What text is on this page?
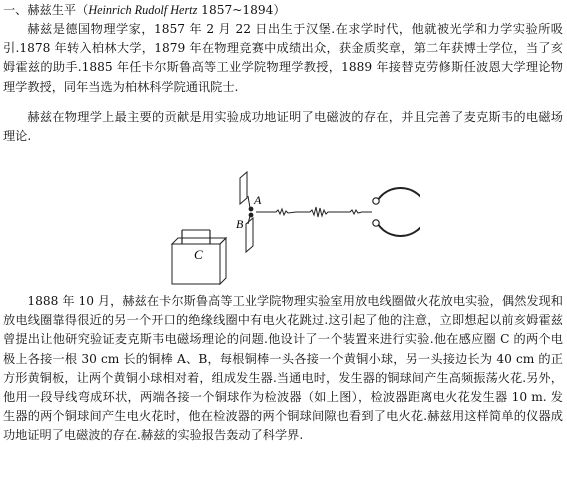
一、赫兹生平（Heinrich Rudolf Hertz 1857~1894）
赫兹是德国物理学家，1857 年 2 月 22 日出生于汉堡.在求学时代，他就被光学和力学实验所吸引.1878 年转入柏林大学，1879 年在物理竞赛中成绩出众，获金质奖章，第二年获博士学位，当了亥姆霍兹的助手.1885 年任卡尔斯鲁高等工业学院物理学教授，1889 年接替克劳修斯任波恩大学理论物理学教授，同年当选为柏林科学院通讯院士.
赫兹在物理学上最主要的贡献是用实验成功地证明了电磁波的存在，并且完善了麦克斯韦的电磁场理论.
C
A
B
1888 年 10 月，赫兹在卡尔斯鲁高等工业学院物理实验室用放电线圈做火花放电实验，偶然发现和放电线圈靠得很近的另一个开口的绝缘线圈中有电火花跳过.这引起了他的注意，立即想起以前亥姆霍兹曾提出让他研究验证麦克斯韦电磁场理论的问题.他设计了一个装置来进行实验.他在感应圈 C 的两个电极上各接一根 30 cm 长的铜棒 A、B，每根铜棒一头各接一个黄铜小球，另一头接边长为 40 cm 的正方形黄铜板，让两个黄铜小球相对着，组成发生器.当通电时，发生器的铜球间产生高频振荡火花.另外，他用一段导线弯成环状，两端各接一个铜球作为检波器（如上图），检波器距离电火花发生器 10 m. 发生器的两个铜球间产生电火花时，他在检波器的两个铜球间隙也看到了电火花.赫兹用这样简单的仪器成功地证明了电磁波的存在.赫兹的实验报告轰动了科学界.
